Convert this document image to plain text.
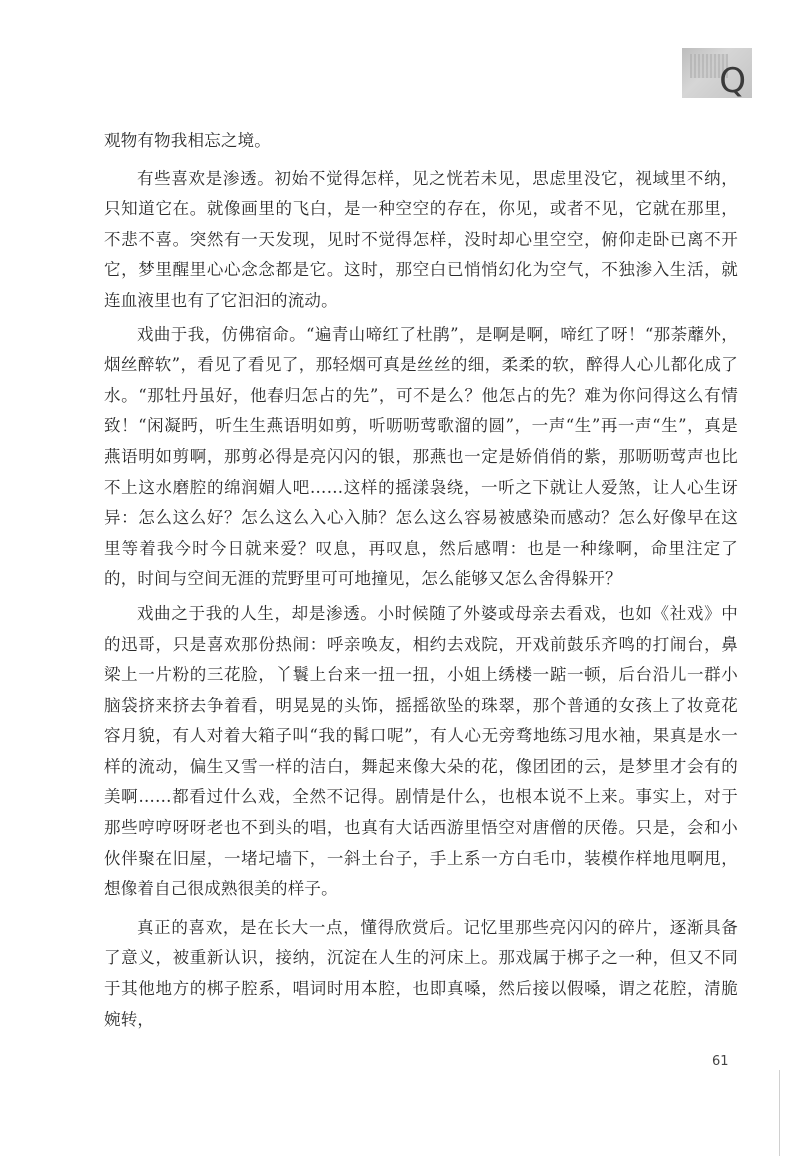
Q

观物有物我相忘之境。

有些喜欢是渗透。初始不觉得怎样，见之恍若未见，思虑里没它，视域里不纳，只知道它在。就像画里的飞白，是一种空空的存在，你见，或者不见，它就在那里，不悲不喜。突然有一天发现，见时不觉得怎样，没时却心里空空，俯仰走卧已离不开它，梦里醒里心心念念都是它。这时，那空白已悄悄幻化为空气，不独渗入生活，就连血液里也有了它汩汩的流动。

戏曲于我，仿佛宿命。“遍青山啼红了杜鹃”，是啊是啊，啼红了呀！“那荼蘼外，烟丝醉软”，看见了看见了，那轻烟可真是丝丝的细，柔柔的软，醉得人心儿都化成了水。“那牡丹虽好，他春归怎占的先”，可不是么？他怎占的先？难为你问得这么有情致！“闲凝眄，听生生燕语明如剪，听呖呖莺歌溜的圆”，一声“生”再一声“生”，真是燕语明如剪啊，那剪必得是亮闪闪的银，那燕也一定是娇俏俏的紫，那呖呖莺声也比不上这水磨腔的绵润媚人吧……这样的摇漾袅绕，一听之下就让人爱煞，让人心生讶异：怎么这么好？怎么这么入心入肺？怎么这么容易被感染而感动？怎么好像早在这里等着我今时今日就来爱？叹息，再叹息，然后感喟：也是一种缘啊，命里注定了的，时间与空间无涯的荒野里可可地撞见，怎么能够又怎么舍得躲开？

戏曲之于我的人生，却是渗透。小时候随了外婆或母亲去看戏，也如《社戏》中的迅哥，只是喜欢那份热闹：呼亲唤友，相约去戏院，开戏前鼓乐齐鸣的打闹台，鼻梁上一片粉的三花脸，丫鬟上台来一扭一扭，小姐上绣楼一踮一顿，后台沿儿一群小脑袋挤来挤去争着看，明晃晃的头饰，摇摇欲坠的珠翠，那个普通的女孩上了妆竟花容月貌，有人对着大箱子叫“我的髯口呢”，有人心无旁骛地练习甩水袖，果真是水一样的流动，偏生又雪一样的洁白，舞起来像大朵的花，像团团的云，是梦里才会有的美啊……都看过什么戏，全然不记得。剧情是什么，也根本说不上来。事实上，对于那些哼哼呀呀老也不到头的唱，也真有大话西游里悟空对唐僧的厌倦。只是，会和小伙伴聚在旧屋，一堵圮墙下，一斜土台子，手上系一方白毛巾，装模作样地甩啊甩，想像着自己很成熟很美的样子。

真正的喜欢，是在长大一点，懂得欣赏后。记忆里那些亮闪闪的碎片，逐渐具备了意义，被重新认识，接纳，沉淀在人生的河床上。那戏属于梆子之一种，但又不同于其他地方的梆子腔系，唱词时用本腔，也即真嗓，然后接以假嗓，谓之花腔，清脆婉转，

61
